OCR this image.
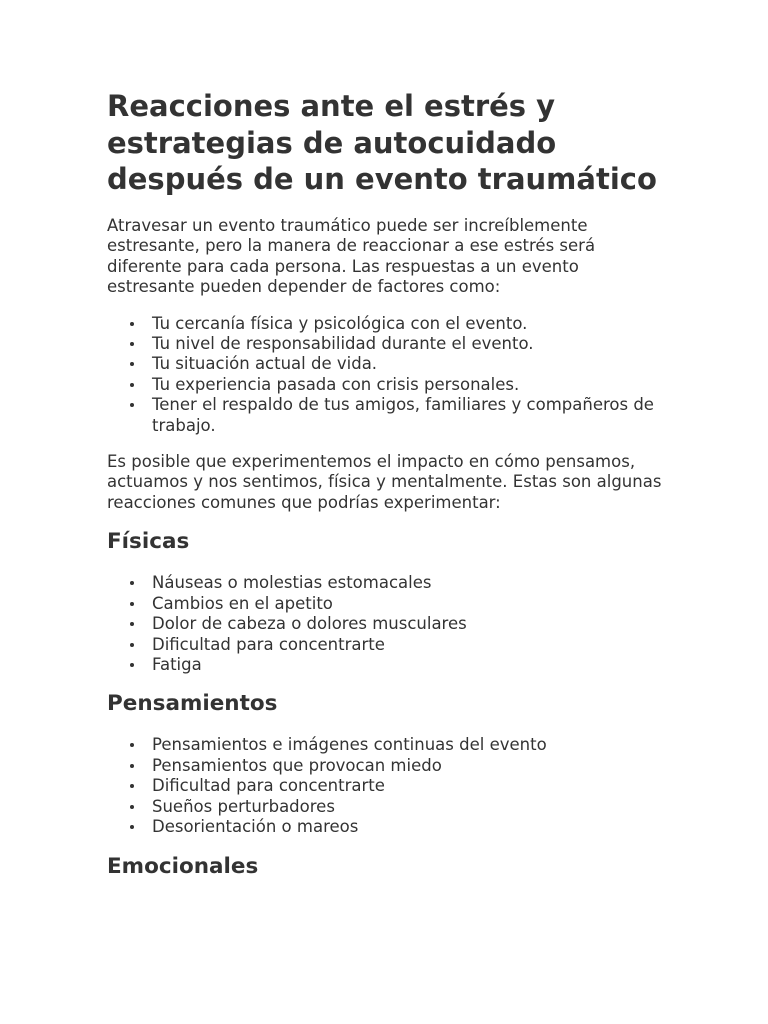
Reacciones ante el estrés y estrategias de autocuidado después de un evento traumático

Atravesar un evento traumático puede ser increíblemente estresante, pero la manera de reaccionar a ese estrés será diferente para cada persona. Las respuestas a un evento estresante pueden depender de factores como:

Tu cercanía física y psicológica con el evento.
Tu nivel de responsabilidad durante el evento.
Tu situación actual de vida.
Tu experiencia pasada con crisis personales.
Tener el respaldo de tus amigos, familiares y compañeros de trabajo.

Es posible que experimentemos el impacto en cómo pensamos, actuamos y nos sentimos, física y mentalmente. Estas son algunas reacciones comunes que podrías experimentar:

Físicas
Náuseas o molestias estomacales
Cambios en el apetito
Dolor de cabeza o dolores musculares
Dificultad para concentrarte
Fatiga
Pensamientos
Pensamientos e imágenes continuas del evento
Pensamientos que provocan miedo
Dificultad para concentrarte
Sueños perturbadores
Desorientación o mareos
Emocionales
